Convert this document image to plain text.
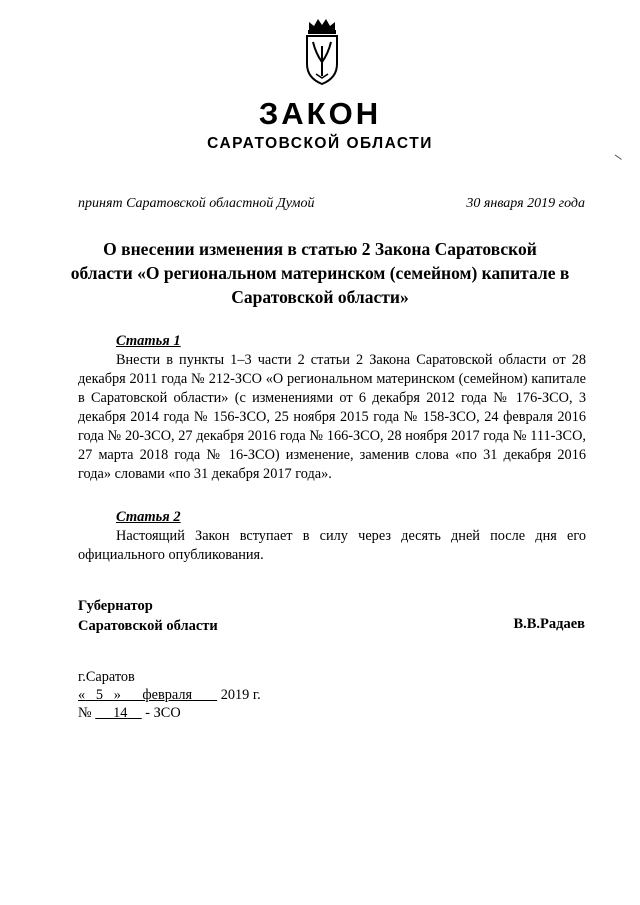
ЗАКОН
САРАТОВСКОЙ ОБЛАСТИ
принят Саратовской областной Думой	30 января 2019 года
О внесении изменения в статью 2 Закона Саратовской области «О региональном материнском (семейном) капитале в Саратовской области»
Статья 1
Внести в пункты 1–3 части 2 статьи 2 Закона Саратовской области от 28 декабря 2011 года № 212-ЗСО «О региональном материнском (семейном) капитале в Саратовской области» (с изменениями от 6 декабря 2012 года № 176-ЗСО, 3 декабря 2014 года № 156-ЗСО, 25 ноября 2015 года № 158-ЗСО, 24 февраля 2016 года № 20-ЗСО, 27 декабря 2016 года № 166-ЗСО, 28 ноября 2017 года № 111-ЗСО, 27 марта 2018 года № 16-ЗСО) изменение, заменив слова «по 31 декабря 2016 года» словами «по 31 декабря 2017 года».
Статья 2
Настоящий Закон вступает в силу через десять дней после дня его официального опубликования.
Губернатор
Саратовской области	В.В.Радаев
г.Саратов
« 5 » февраля 2019 г.
№ 14 - ЗСО
